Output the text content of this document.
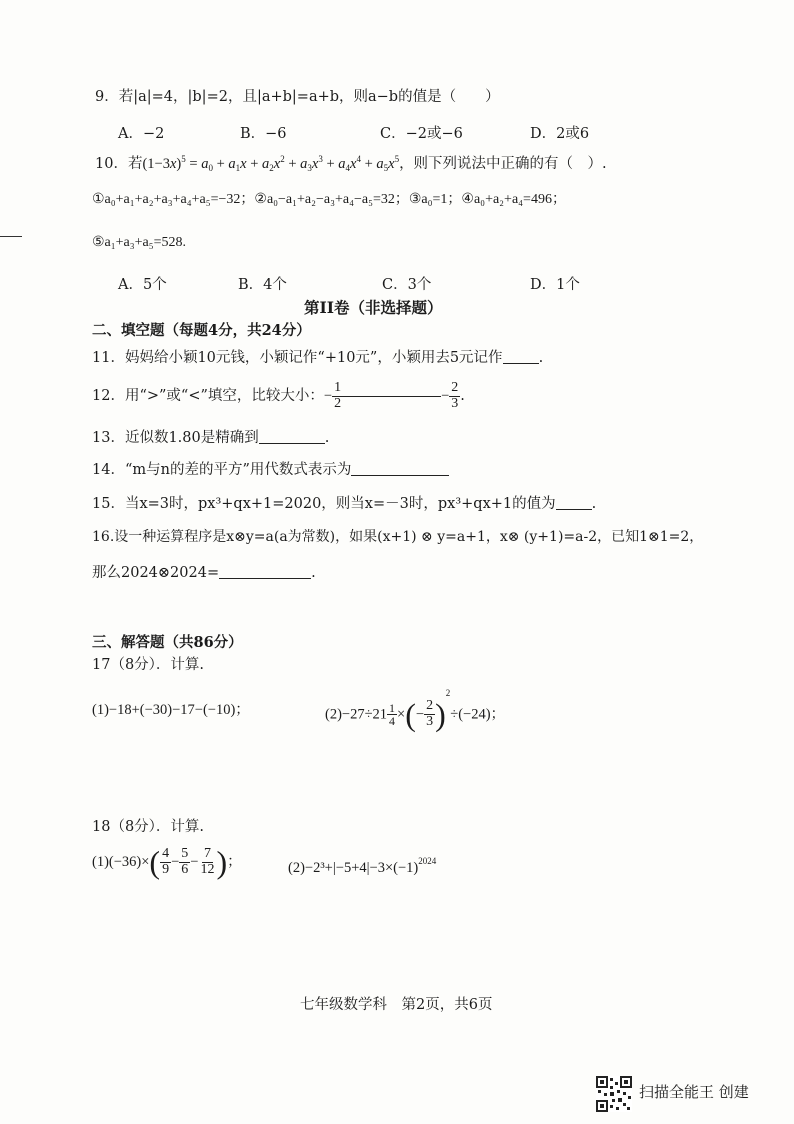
9．若|a|=4，|b|=2，且|a+b|=a+b，则a−b的值是（　　）
A．−2	B．−6	C．−2或−6	D．2或6
10．若$(1-3x)^5 = a_0 + a_1x + a_2x^2 + a_3x^3 + a_4x^4 + a_5x^5$，则下列说法中正确的有（　）.
①a₀+a₁+a₂+a₃+a₄+a₅=−32；②a₀−a₁+a₂−a₃+a₄−a₅=32；③a₀=1；④a₀+a₂+a₄=496；
⑤a₁+a₃+a₅=528.
A．5个	B．4个	C．3个	D．1个
第II卷（非选择题）
二、填空题（每题4分，共24分）
11．妈妈给小颖10元钱，小颖记作“+10元”，小颖用去5元记作 .
12．用“>”或“<”填空，比较大小：− $\frac{1}{2}$	− $\frac{2}{3}$ .
13．近似数1.80是精确到	.
14．“m与n的差的平方”用代数式表示为
15．当x=3时，px³+qx+1=2020，则当x=－3时，px³+qx+1的值为 .
16.设一种运算程序是x⊗y=a(a为常数)，如果(x+1) ⊗ y=a+1，x⊗ (y+1)=a-2，已知1⊗1=2，
那么2024⊗2024=	.
三、解答题（共86分）
17（8分）．计算.
(1)−18+(−30)−17−(−10)；	$(2)-27\div 21 \frac{1}{4}$ ×(− $\frac{2}{3} )^2\div(-24)$；
18（8分）．计算.
$(1)(-36)\times( \frac{4}{9} - \frac{5}{6} - \frac{7}{12}$ )；	$(2)-2^3+|-5+4|-3\times(-1)^{2024}$
七年级数学科　第2页，共6页
扫描全能王 创建
